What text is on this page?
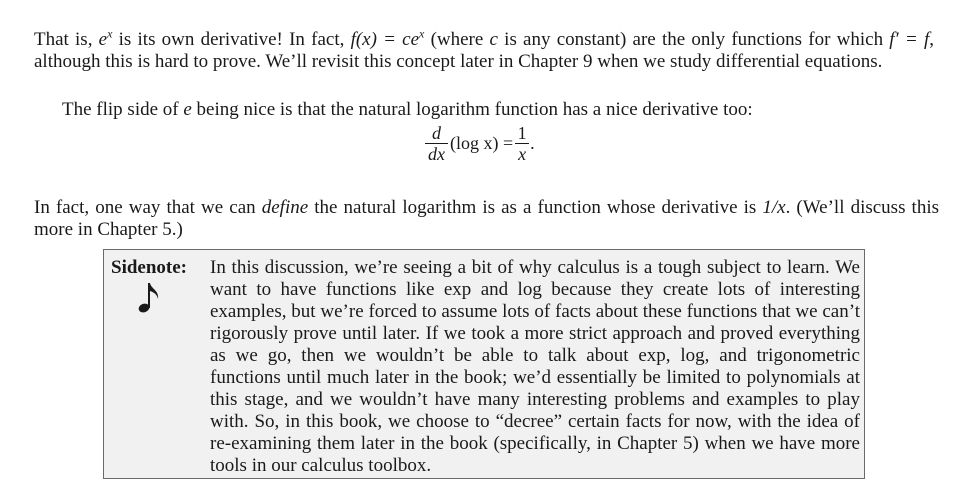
That is, $e^x$ is its own derivative! In fact, $f(x) = ce^x$ (where c is any constant) are the only functions for which f′ = f, although this is hard to prove. We’ll revisit this concept later in Chapter 9 when we study differential equations.

The flip side of e being nice is that the natural logarithm function has a nice derivative too:

$\frac{d}{dx} (\log$ $x) = \frac{1}{x}$ .

In fact, one way that we can define the natural logarithm is as a function whose derivative is 1/x. (We’ll discuss this more in Chapter 5.)

Sidenote: In this discussion, we’re seeing a bit of why calculus is a tough subject to learn. We want to have functions like exp and log because they create lots of interesting examples, but we’re forced to assume lots of facts about these functions that we can’t rigorously prove until later. If we took a more strict approach and proved everything as we go, then we wouldn’t be able to talk about exp, log, and trigonometric functions until much later in the book; we’d essentially be limited to polynomials at this stage, and we wouldn’t have many interesting problems and examples to play with. So, in this book, we choose to “decree” certain facts for now, with the idea of re-examining them later in the book (specifically, in Chapter 5) when we have more tools in our calculus toolbox.
